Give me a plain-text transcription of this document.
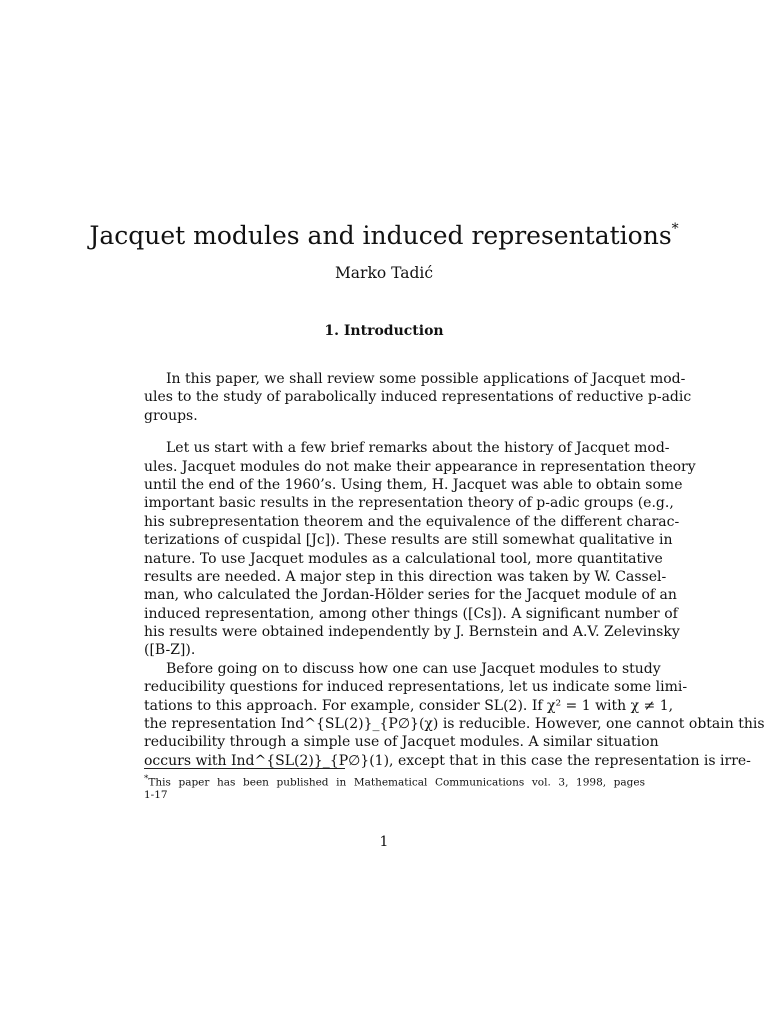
Jacquet modules and induced representations*
Marko Tadić
1. Introduction
In this paper, we shall review some possible applications of Jacquet mod-
ules to the study of parabolically induced representations of reductive p-adic
groups.
Let us start with a few brief remarks about the history of Jacquet mod-
ules. Jacquet modules do not make their appearance in representation theory
until the end of the 1960’s. Using them, H. Jacquet was able to obtain some
important basic results in the representation theory of p-adic groups (e.g.,
his subrepresentation theorem and the equivalence of the different charac-
terizations of cuspidal [Jc]). These results are still somewhat qualitative in
nature. To use Jacquet modules as a calculational tool, more quantitative
results are needed. A major step in this direction was taken by W. Cassel-
man, who calculated the Jordan-Hölder series for the Jacquet module of an
induced representation, among other things ([Cs]). A significant number of
his results were obtained independently by J. Bernstein and A.V. Zelevinsky
([B-Z]).
Before going on to discuss how one can use Jacquet modules to study
reducibility questions for induced representations, let us indicate some limi-
tations to this approach. For example, consider SL(2). If χ² = 1 with χ ≠ 1,
the representation Ind^{SL(2)}_{P∅}(χ) is reducible. However, one cannot obtain this
reducibility through a simple use of Jacquet modules. A similar situation
occurs with Ind^{SL(2)}_{P∅}(1), except that in this case the representation is irre-
*This paper has been published in Mathematical Communications vol. 3, 1998, pages
1-17
1
